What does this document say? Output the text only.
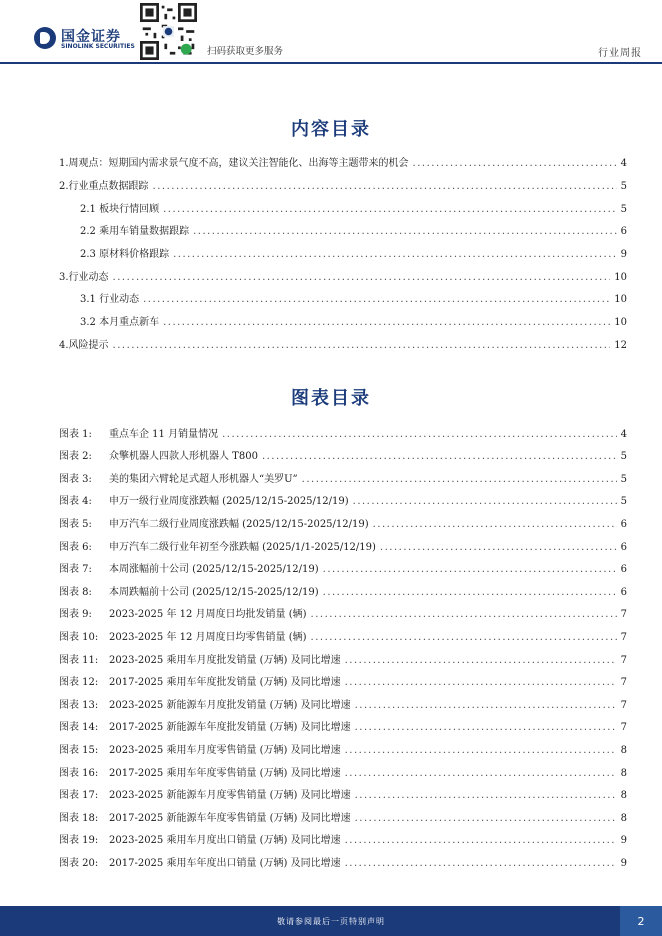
国金证券
SINOLINK SECURITIES	扫码获取更多服务	行业周报
内容目录
1.周观点：短期国内需求景气度不高，建议关注智能化、出海等主题带来的机会 .....	4
2.行业重点数据跟踪 .....	5
2.1 板块行情回顾 .....	5
2.2 乘用车销量数据跟踪 .....	6
2.3 原材料价格跟踪 .....	9
3.行业动态 .....	10
3.1 行业动态 .....	10
3.2 本月重点新车 .....	10
4.风险提示 .....	12
图表目录
图表 1:	重点车企 11 月销量情况 .....	4
图表 2:	众擎机器人四款人形机器人 T800 .....	5
图表 3:	美的集团六臂轮足式超人形机器人“美罗U” .....	5
图表 4:	申万一级行业周度涨跌幅 (2025/12/15-2025/12/19) .....	5
图表 5:	申万汽车二级行业周度涨跌幅 (2025/12/15-2025/12/19) .....	6
图表 6:	申万汽车二级行业年初至今涨跌幅 (2025/1/1-2025/12/19) .....	6
图表 7:	本周涨幅前十公司 (2025/12/15-2025/12/19) .....	6
图表 8:	本周跌幅前十公司 (2025/12/15-2025/12/19) .....	6
图表 9:	2023-2025 年 12 月周度日均批发销量 (辆) .....	7
图表 10:	2023-2025 年 12 月周度日均零售销量 (辆) .....	7
图表 11:	2023-2025 乘用车月度批发销量 (万辆) 及同比增速 .....	7
图表 12:	2017-2025 乘用车年度批发销量 (万辆) 及同比增速 .....	7
图表 13:	2023-2025 新能源车月度批发销量 (万辆) 及同比增速 .....	7
图表 14:	2017-2025 新能源车年度批发销量 (万辆) 及同比增速 .....	7
图表 15:	2023-2025 乘用车月度零售销量 (万辆) 及同比增速 .....	8
图表 16:	2017-2025 乘用车年度零售销量 (万辆) 及同比增速 .....	8
图表 17:	2023-2025 新能源车月度零售销量 (万辆) 及同比增速 .....	8
图表 18:	2017-2025 新能源车年度零售销量 (万辆) 及同比增速 .....	8
图表 19:	2023-2025 乘用车月度出口销量 (万辆) 及同比增速 .....	9
图表 20:	2017-2025 乘用车年度出口销量 (万辆) 及同比增速 .....	9
敬请参阅最后一页特别声明	2
